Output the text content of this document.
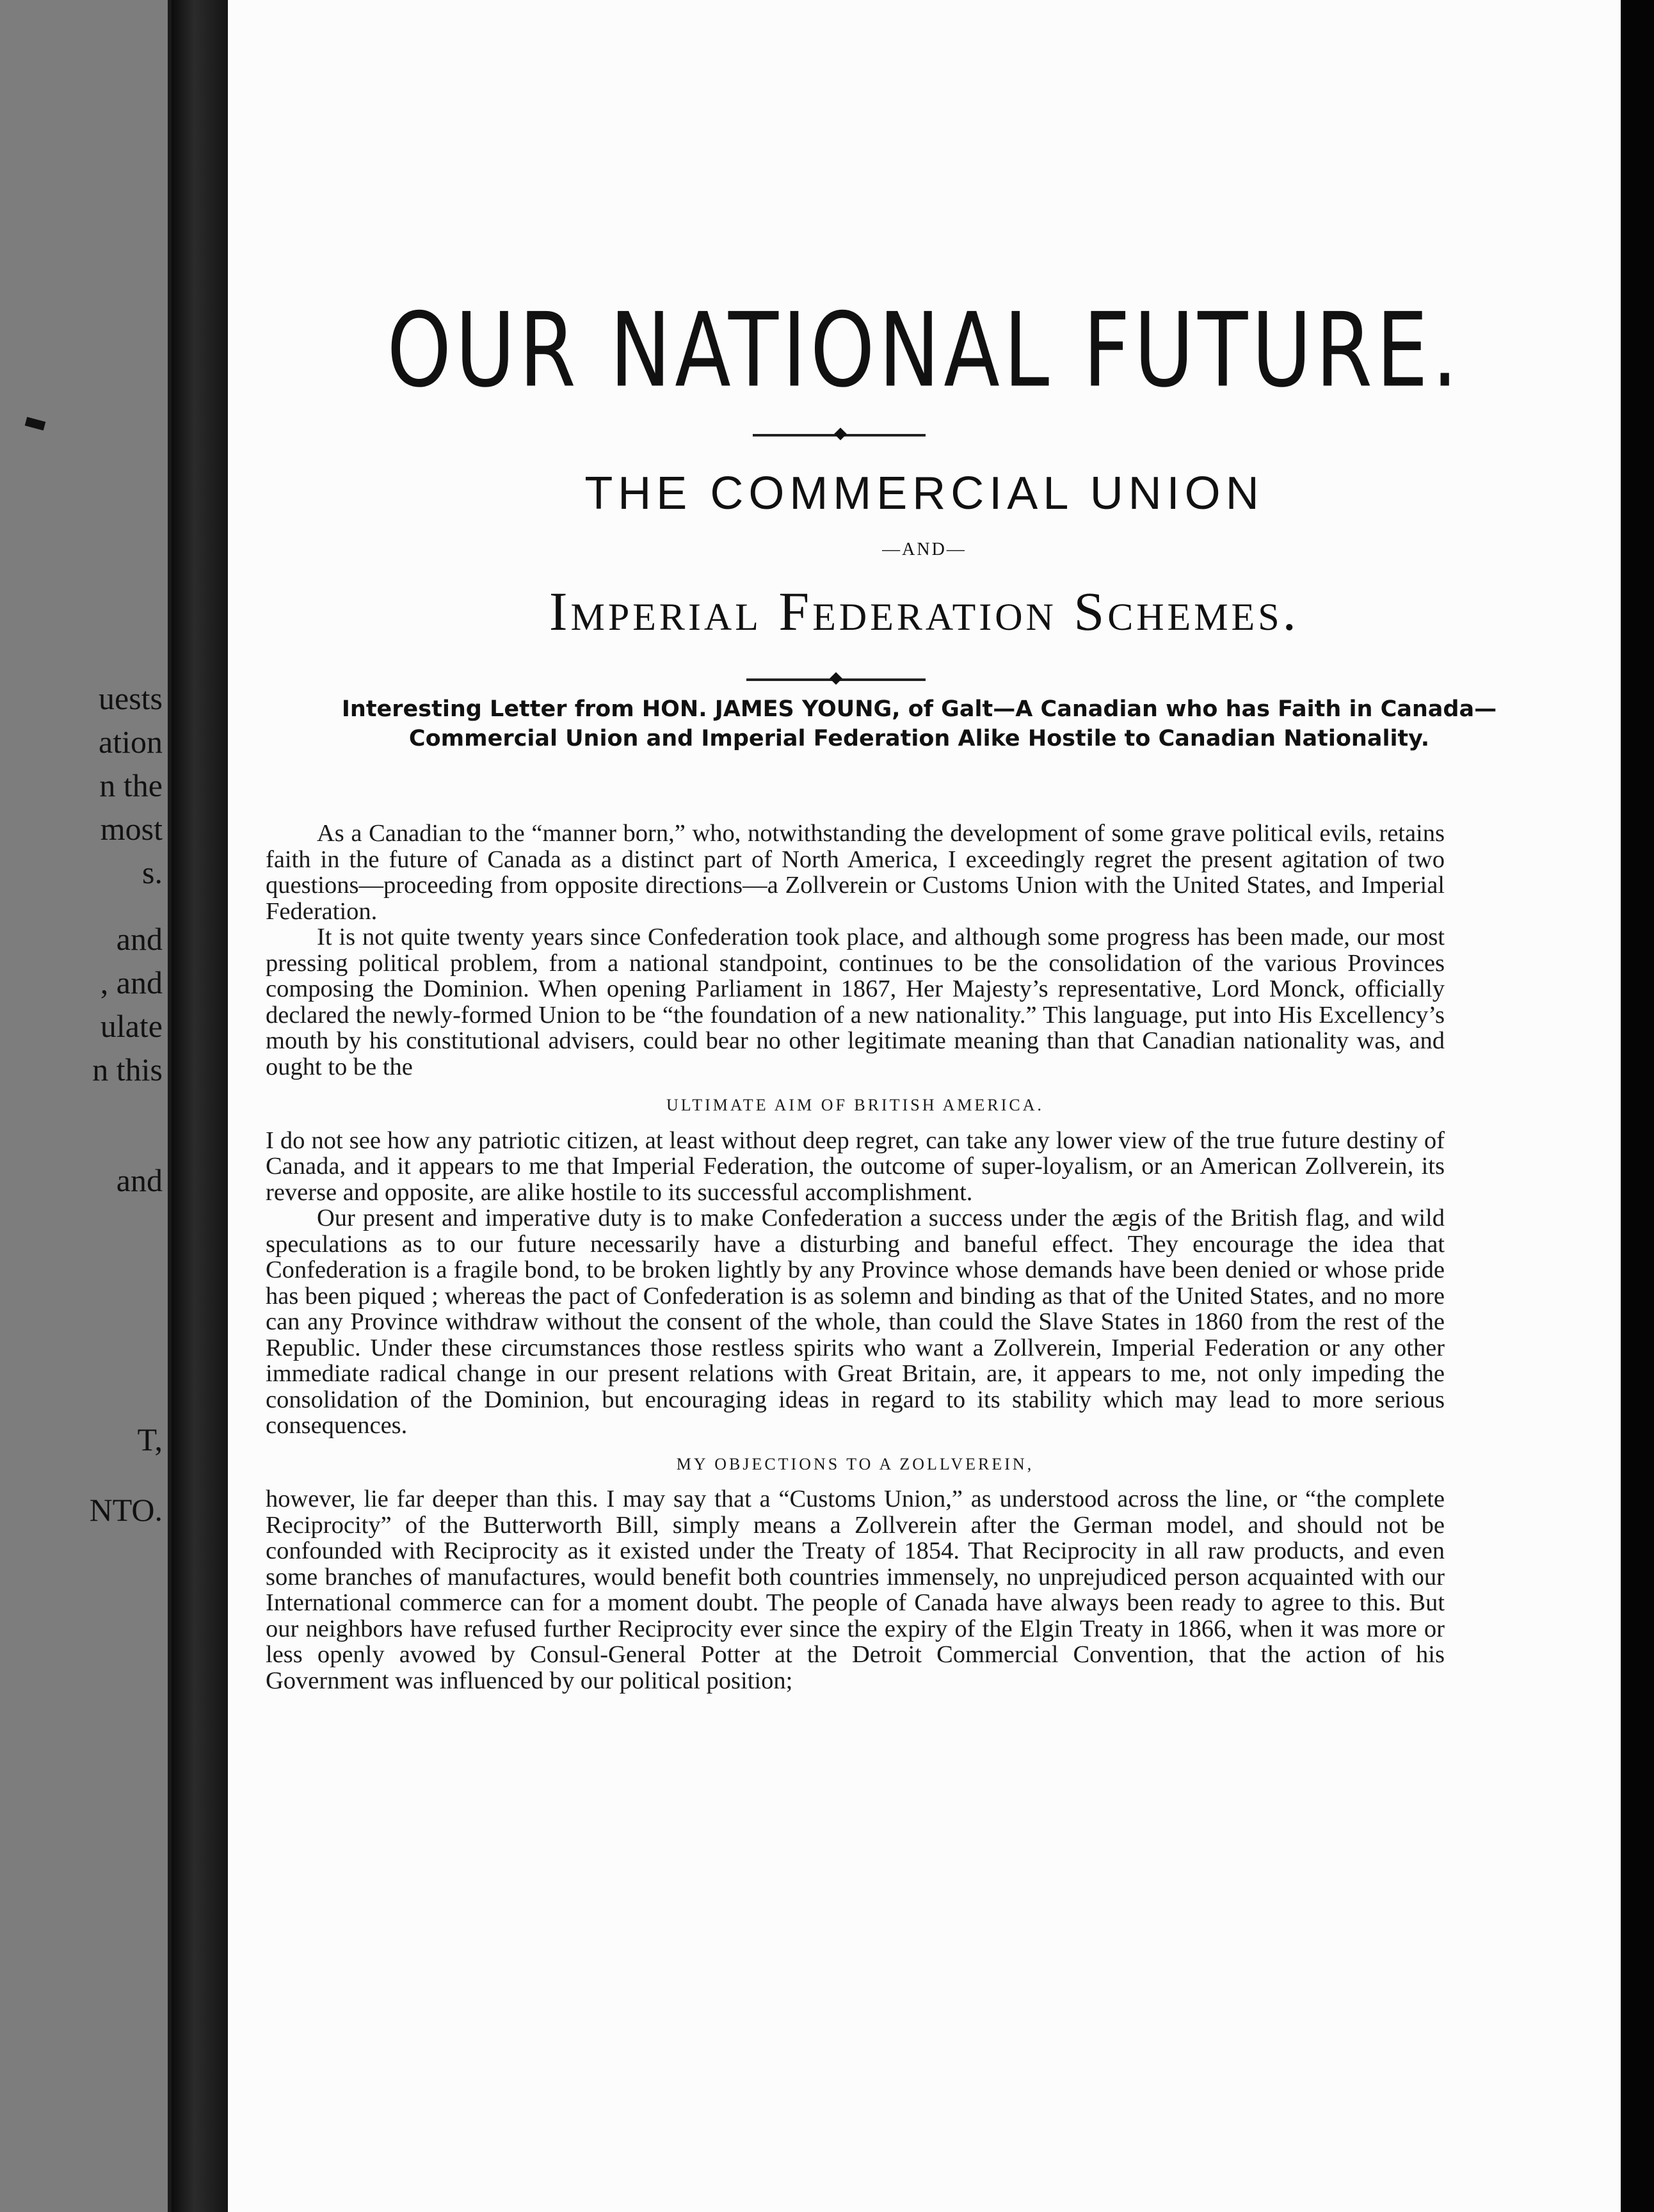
uests
ation
n the
most
s.
and
, and
ulate
n this
and
T,
NTO.
OUR NATIONAL FUTURE.
THE COMMERCIAL UNION
—AND—
Imperial Federation Schemes.
Interesting Letter from HON. JAMES YOUNG, of Galt—A Canadian who has Faith in Canada—Commercial Union and Imperial Federation Alike Hostile to Canadian Nationality.

As a Canadian to the “manner born,” who, notwithstanding the development of some grave political evils, retains faith in the future of Canada as a distinct part of North America, I exceedingly regret the present agitation of two questions—proceeding from opposite directions—a Zollverein or Customs Union with the United States, and Imperial Federation.

It is not quite twenty years since Confederation took place, and although some progress has been made, our most pressing political problem, from a national standpoint, continues to be the consolidation of the various Provinces composing the Dominion. When opening Parliament in 1867, Her Majesty’s representative, Lord Monck, officially declared the newly-formed Union to be “the foundation of a new nationality.” This language, put into His Excellency’s mouth by his constitutional advisers, could bear no other legitimate meaning than that Canadian nationality was, and ought to be the

ULTIMATE AIM OF BRITISH AMERICA.

I do not see how any patriotic citizen, at least without deep regret, can take any lower view of the true future destiny of Canada, and it appears to me that Imperial Federation, the outcome of super-loyalism, or an American Zollverein, its reverse and opposite, are alike hostile to its successful accomplishment.

Our present and imperative duty is to make Confederation a success under the ægis of the British flag, and wild speculations as to our future necessarily have a disturbing and baneful effect. They encourage the idea that Confederation is a fragile bond, to be broken lightly by any Province whose demands have been denied or whose pride has been piqued ; whereas the pact of Confederation is as solemn and binding as that of the United States, and no more can any Province withdraw without the consent of the whole, than could the Slave States in 1860 from the rest of the Republic. Under these circumstances those restless spirits who want a Zollverein, Imperial Federation or any other immediate radical change in our present relations with Great Britain, are, it appears to me, not only impeding the consolidation of the Dominion, but encouraging ideas in regard to its stability which may lead to more serious consequences.

MY OBJECTIONS TO A ZOLLVEREIN,

however, lie far deeper than this. I may say that a “Customs Union,” as understood across the line, or “the complete Reciprocity” of the Butterworth Bill, simply means a Zollverein after the German model, and should not be confounded with Reciprocity as it existed under the Treaty of 1854. That Reciprocity in all raw products, and even some branches of manufactures, would benefit both countries immensely, no unprejudiced person acquainted with our International commerce can for a moment doubt. The people of Canada have always been ready to agree to this. But our neighbors have refused further Reciprocity ever since the expiry of the Elgin Treaty in 1866, when it was more or less openly avowed by Consul-General Potter at the Detroit Commercial Convention, that the action of his Government was influenced by our political position;
